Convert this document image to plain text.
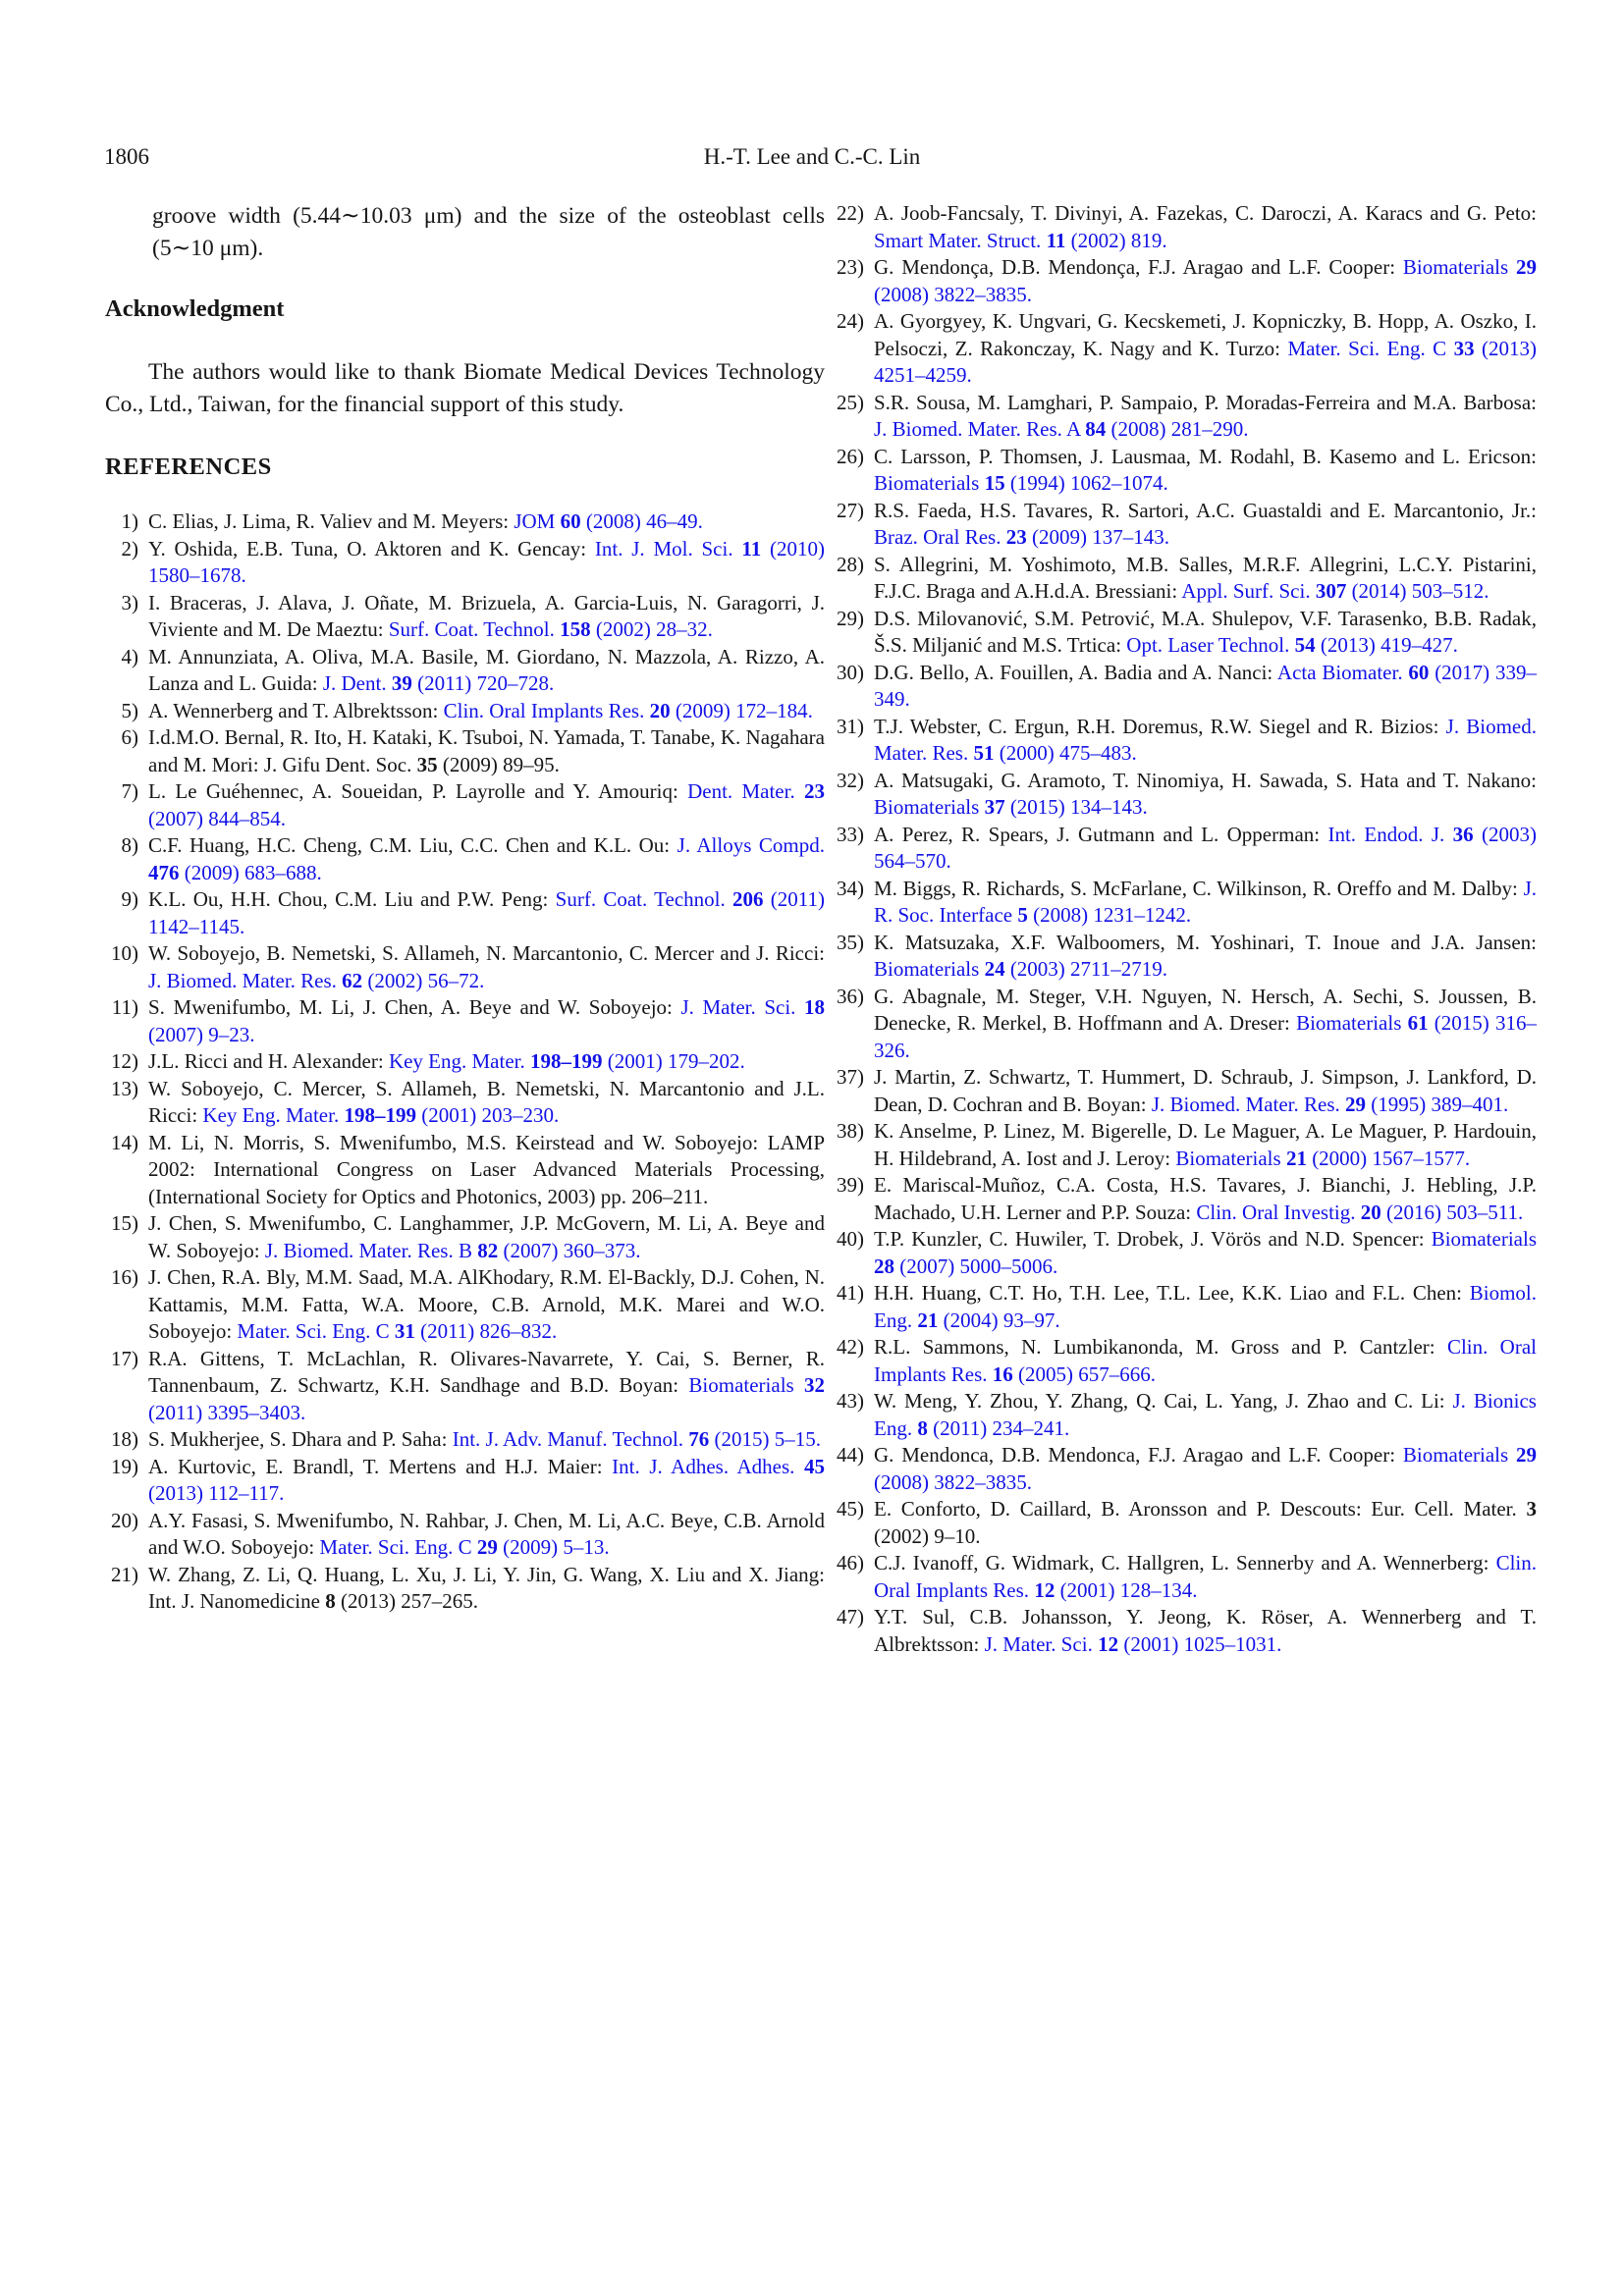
1806	H.-T. Lee and C.-C. Lin

groove width (5.44∼10.03 μm) and the size of the osteoblast cells (5∼10 μm).

Acknowledgment

The authors would like to thank Biomate Medical Devices Technology Co., Ltd., Taiwan, for the financial support of this study.

REFERENCES
1) C. Elias, J. Lima, R. Valiev and M. Meyers: JOM 60 (2008) 46–49.
2) Y. Oshida, E.B. Tuna, O. Aktoren and K. Gencay: Int. J. Mol. Sci. 11 (2010) 1580–1678.
3) I. Braceras, J. Alava, J. Oñate, M. Brizuela, A. Garcia-Luis, N. Garagorri, J. Viviente and M. De Maeztu: Surf. Coat. Technol. 158 (2002) 28–32.
4) M. Annunziata, A. Oliva, M.A. Basile, M. Giordano, N. Mazzola, A. Rizzo, A. Lanza and L. Guida: J. Dent. 39 (2011) 720–728.
5) A. Wennerberg and T. Albrektsson: Clin. Oral Implants Res. 20 (2009) 172–184.
6) I.d.M.O. Bernal, R. Ito, H. Kataki, K. Tsuboi, N. Yamada, T. Tanabe, K. Nagahara and M. Mori: J. Gifu Dent. Soc. 35 (2009) 89–95.
7) L. Le Guéhennec, A. Soueidan, P. Layrolle and Y. Amouriq: Dent. Mater. 23 (2007) 844–854.
8) C.F. Huang, H.C. Cheng, C.M. Liu, C.C. Chen and K.L. Ou: J. Alloys Compd. 476 (2009) 683–688.
9) K.L. Ou, H.H. Chou, C.M. Liu and P.W. Peng: Surf. Coat. Technol. 206 (2011) 1142–1145.
10) W. Soboyejo, B. Nemetski, S. Allameh, N. Marcantonio, C. Mercer and J. Ricci: J. Biomed. Mater. Res. 62 (2002) 56–72.
11) S. Mwenifumbo, M. Li, J. Chen, A. Beye and W. Soboyejo: J. Mater. Sci. 18 (2007) 9–23.
12) J.L. Ricci and H. Alexander: Key Eng. Mater. 198–199 (2001) 179–202.
13) W. Soboyejo, C. Mercer, S. Allameh, B. Nemetski, N. Marcantonio and J.L. Ricci: Key Eng. Mater. 198–199 (2001) 203–230.
14) M. Li, N. Morris, S. Mwenifumbo, M.S. Keirstead and W. Soboyejo: LAMP 2002: International Congress on Laser Advanced Materials Processing, (International Society for Optics and Photonics, 2003) pp. 206–211.
15) J. Chen, S. Mwenifumbo, C. Langhammer, J.P. McGovern, M. Li, A. Beye and W. Soboyejo: J. Biomed. Mater. Res. B 82 (2007) 360–373.
16) J. Chen, R.A. Bly, M.M. Saad, M.A. AlKhodary, R.M. El-Backly, D.J. Cohen, N. Kattamis, M.M. Fatta, W.A. Moore, C.B. Arnold, M.K. Marei and W.O. Soboyejo: Mater. Sci. Eng. C 31 (2011) 826–832.
17) R.A. Gittens, T. McLachlan, R. Olivares-Navarrete, Y. Cai, S. Berner, R. Tannenbaum, Z. Schwartz, K.H. Sandhage and B.D. Boyan: Biomaterials 32 (2011) 3395–3403.
18) S. Mukherjee, S. Dhara and P. Saha: Int. J. Adv. Manuf. Technol. 76 (2015) 5–15.
19) A. Kurtovic, E. Brandl, T. Mertens and H.J. Maier: Int. J. Adhes. Adhes. 45 (2013) 112–117.
20) A.Y. Fasasi, S. Mwenifumbo, N. Rahbar, J. Chen, M. Li, A.C. Beye, C.B. Arnold and W.O. Soboyejo: Mater. Sci. Eng. C 29 (2009) 5–13.
21) W. Zhang, Z. Li, Q. Huang, L. Xu, J. Li, Y. Jin, G. Wang, X. Liu and X. Jiang: Int. J. Nanomedicine 8 (2013) 257–265.
22) A. Joob-Fancsaly, T. Divinyi, A. Fazekas, C. Daroczi, A. Karacs and G. Peto: Smart Mater. Struct. 11 (2002) 819.
23) G. Mendonça, D.B. Mendonça, F.J. Aragao and L.F. Cooper: Biomaterials 29 (2008) 3822–3835.
24) A. Gyorgyey, K. Ungvari, G. Kecskemeti, J. Kopniczky, B. Hopp, A. Oszko, I. Pelsoczi, Z. Rakonczay, K. Nagy and K. Turzo: Mater. Sci. Eng. C 33 (2013) 4251–4259.
25) S.R. Sousa, M. Lamghari, P. Sampaio, P. Moradas-Ferreira and M.A. Barbosa: J. Biomed. Mater. Res. A 84 (2008) 281–290.
26) C. Larsson, P. Thomsen, J. Lausmaa, M. Rodahl, B. Kasemo and L. Ericson: Biomaterials 15 (1994) 1062–1074.
27) R.S. Faeda, H.S. Tavares, R. Sartori, A.C. Guastaldi and E. Marcantonio, Jr.: Braz. Oral Res. 23 (2009) 137–143.
28) S. Allegrini, M. Yoshimoto, M.B. Salles, M.R.F. Allegrini, L.C.Y. Pistarini, F.J.C. Braga and A.H.d.A. Bressiani: Appl. Surf. Sci. 307 (2014) 503–512.
29) D.S. Milovanović, S.M. Petrović, M.A. Shulepov, V.F. Tarasenko, B.B. Radak, Š.S. Miljanić and M.S. Trtica: Opt. Laser Technol. 54 (2013) 419–427.
30) D.G. Bello, A. Fouillen, A. Badia and A. Nanci: Acta Biomater. 60 (2017) 339–349.
31) T.J. Webster, C. Ergun, R.H. Doremus, R.W. Siegel and R. Bizios: J. Biomed. Mater. Res. 51 (2000) 475–483.
32) A. Matsugaki, G. Aramoto, T. Ninomiya, H. Sawada, S. Hata and T. Nakano: Biomaterials 37 (2015) 134–143.
33) A. Perez, R. Spears, J. Gutmann and L. Opperman: Int. Endod. J. 36 (2003) 564–570.
34) M. Biggs, R. Richards, S. McFarlane, C. Wilkinson, R. Oreffo and M. Dalby: J. R. Soc. Interface 5 (2008) 1231–1242.
35) K. Matsuzaka, X.F. Walboomers, M. Yoshinari, T. Inoue and J.A. Jansen: Biomaterials 24 (2003) 2711–2719.
36) G. Abagnale, M. Steger, V.H. Nguyen, N. Hersch, A. Sechi, S. Joussen, B. Denecke, R. Merkel, B. Hoffmann and A. Dreser: Biomaterials 61 (2015) 316–326.
37) J. Martin, Z. Schwartz, T. Hummert, D. Schraub, J. Simpson, J. Lankford, D. Dean, D. Cochran and B. Boyan: J. Biomed. Mater. Res. 29 (1995) 389–401.
38) K. Anselme, P. Linez, M. Bigerelle, D. Le Maguer, A. Le Maguer, P. Hardouin, H. Hildebrand, A. Iost and J. Leroy: Biomaterials 21 (2000) 1567–1577.
39) E. Mariscal-Muñoz, C.A. Costa, H.S. Tavares, J. Bianchi, J. Hebling, J.P. Machado, U.H. Lerner and P.P. Souza: Clin. Oral Investig. 20 (2016) 503–511.
40) T.P. Kunzler, C. Huwiler, T. Drobek, J. Vörös and N.D. Spencer: Biomaterials 28 (2007) 5000–5006.
41) H.H. Huang, C.T. Ho, T.H. Lee, T.L. Lee, K.K. Liao and F.L. Chen: Biomol. Eng. 21 (2004) 93–97.
42) R.L. Sammons, N. Lumbikanonda, M. Gross and P. Cantzler: Clin. Oral Implants Res. 16 (2005) 657–666.
43) W. Meng, Y. Zhou, Y. Zhang, Q. Cai, L. Yang, J. Zhao and C. Li: J. Bionics Eng. 8 (2011) 234–241.
44) G. Mendonca, D.B. Mendonca, F.J. Aragao and L.F. Cooper: Biomaterials 29 (2008) 3822–3835.
45) E. Conforto, D. Caillard, B. Aronsson and P. Descouts: Eur. Cell. Mater. 3 (2002) 9–10.
46) C.J. Ivanoff, G. Widmark, C. Hallgren, L. Sennerby and A. Wennerberg: Clin. Oral Implants Res. 12 (2001) 128–134.
47) Y.T. Sul, C.B. Johansson, Y. Jeong, K. Röser, A. Wennerberg and T. Albrektsson: J. Mater. Sci. 12 (2001) 1025–1031.
